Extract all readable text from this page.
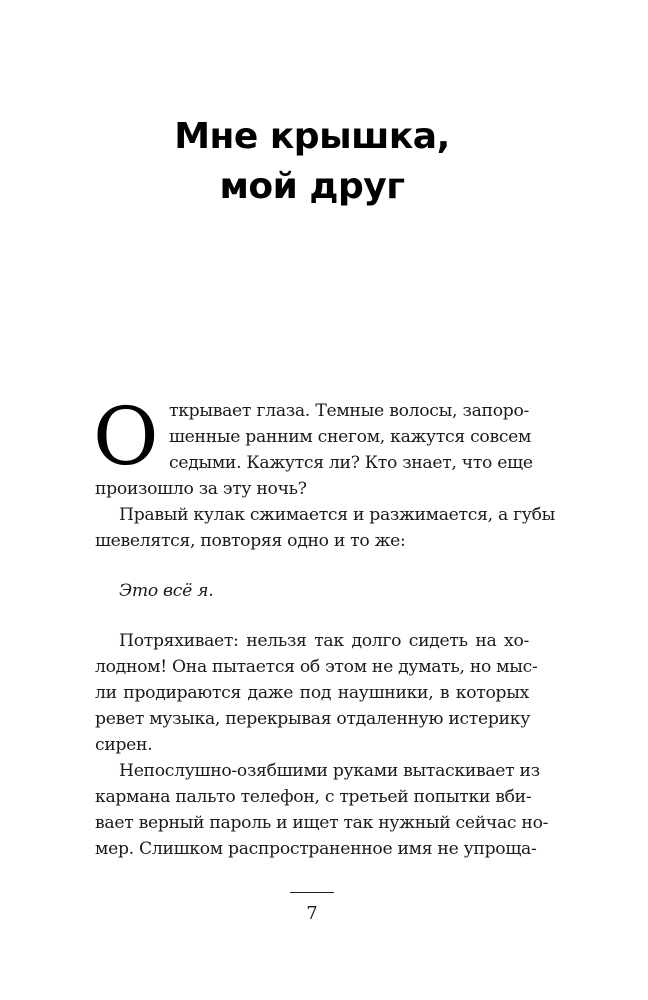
Мне крышка,
мой друг
О ткрывает глаза. Темные волосы, запоро-
шенные ранним снегом, кажутся совсем
седыми. Кажутся ли? Кто знает, что еще
произошло за эту ночь?
Правый кулак сжимается и разжимается, а губы
шевелятся, повторяя одно и то же:
Это всё я.
Потряхивает: нельзя так долго сидеть на хо-
лодном! Она пытается об этом не думать, но мыс-
ли продираются даже под наушники, в которых
ревет музыка, перекрывая отдаленную истерику
сирен.
Непослушно-озябшими руками вытаскивает из
кармана пальто телефон, с третьей попытки вби-
вает верный пароль и ищет так нужный сейчас но-
мер. Слишком распространенное имя не упроща-
7
